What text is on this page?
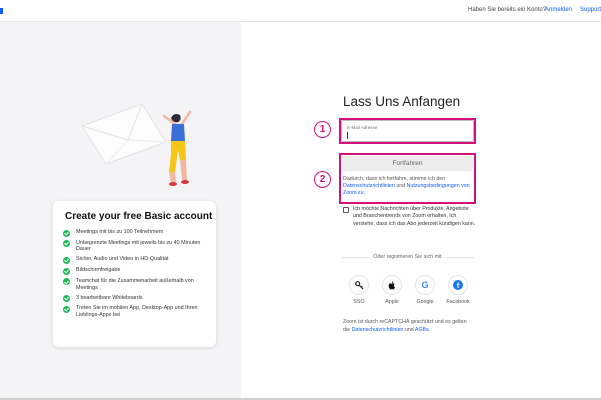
Haben Sie bereits ein Konto?
Anmelden Support
Create your free Basic account
Meetings mit bis zu 100 Teilnehmern
Unbegrenzte Meetings mit jeweils bis zu 40 Minuten Dauer
Sicher, Audio und Video in HD-Qualität
Bildschirmfreigabe
Teamchat für die Zusammenarbeit außerhalb von Meetings
3 bearbeitbare Whiteboards
Treten Sie im mobilen App, Desktop-App und Ihren Lieblings-Apps bei
Lass Uns Anfangen
1	E-Mail Adresse
2
Fortfahren
Dadurch, dass ich fortfahre, stimme ich den Datenschutzrichtlinien und Nutzungsbedingungen von Zoom zu.
Ich möchte Nachrichten über Produkte, Angebote und Branchentrends von Zoom erhalten, Ich verstehe, dass ich das Abo jederzeit kündigen kann.
Oder registrieren Sie sich mit
SSO	Apple
G
Google
f
Facebook
Zoom ist durch reCAPTCHA geschützt und es gelten die Datenschutzrichtlinien und AGBs.
